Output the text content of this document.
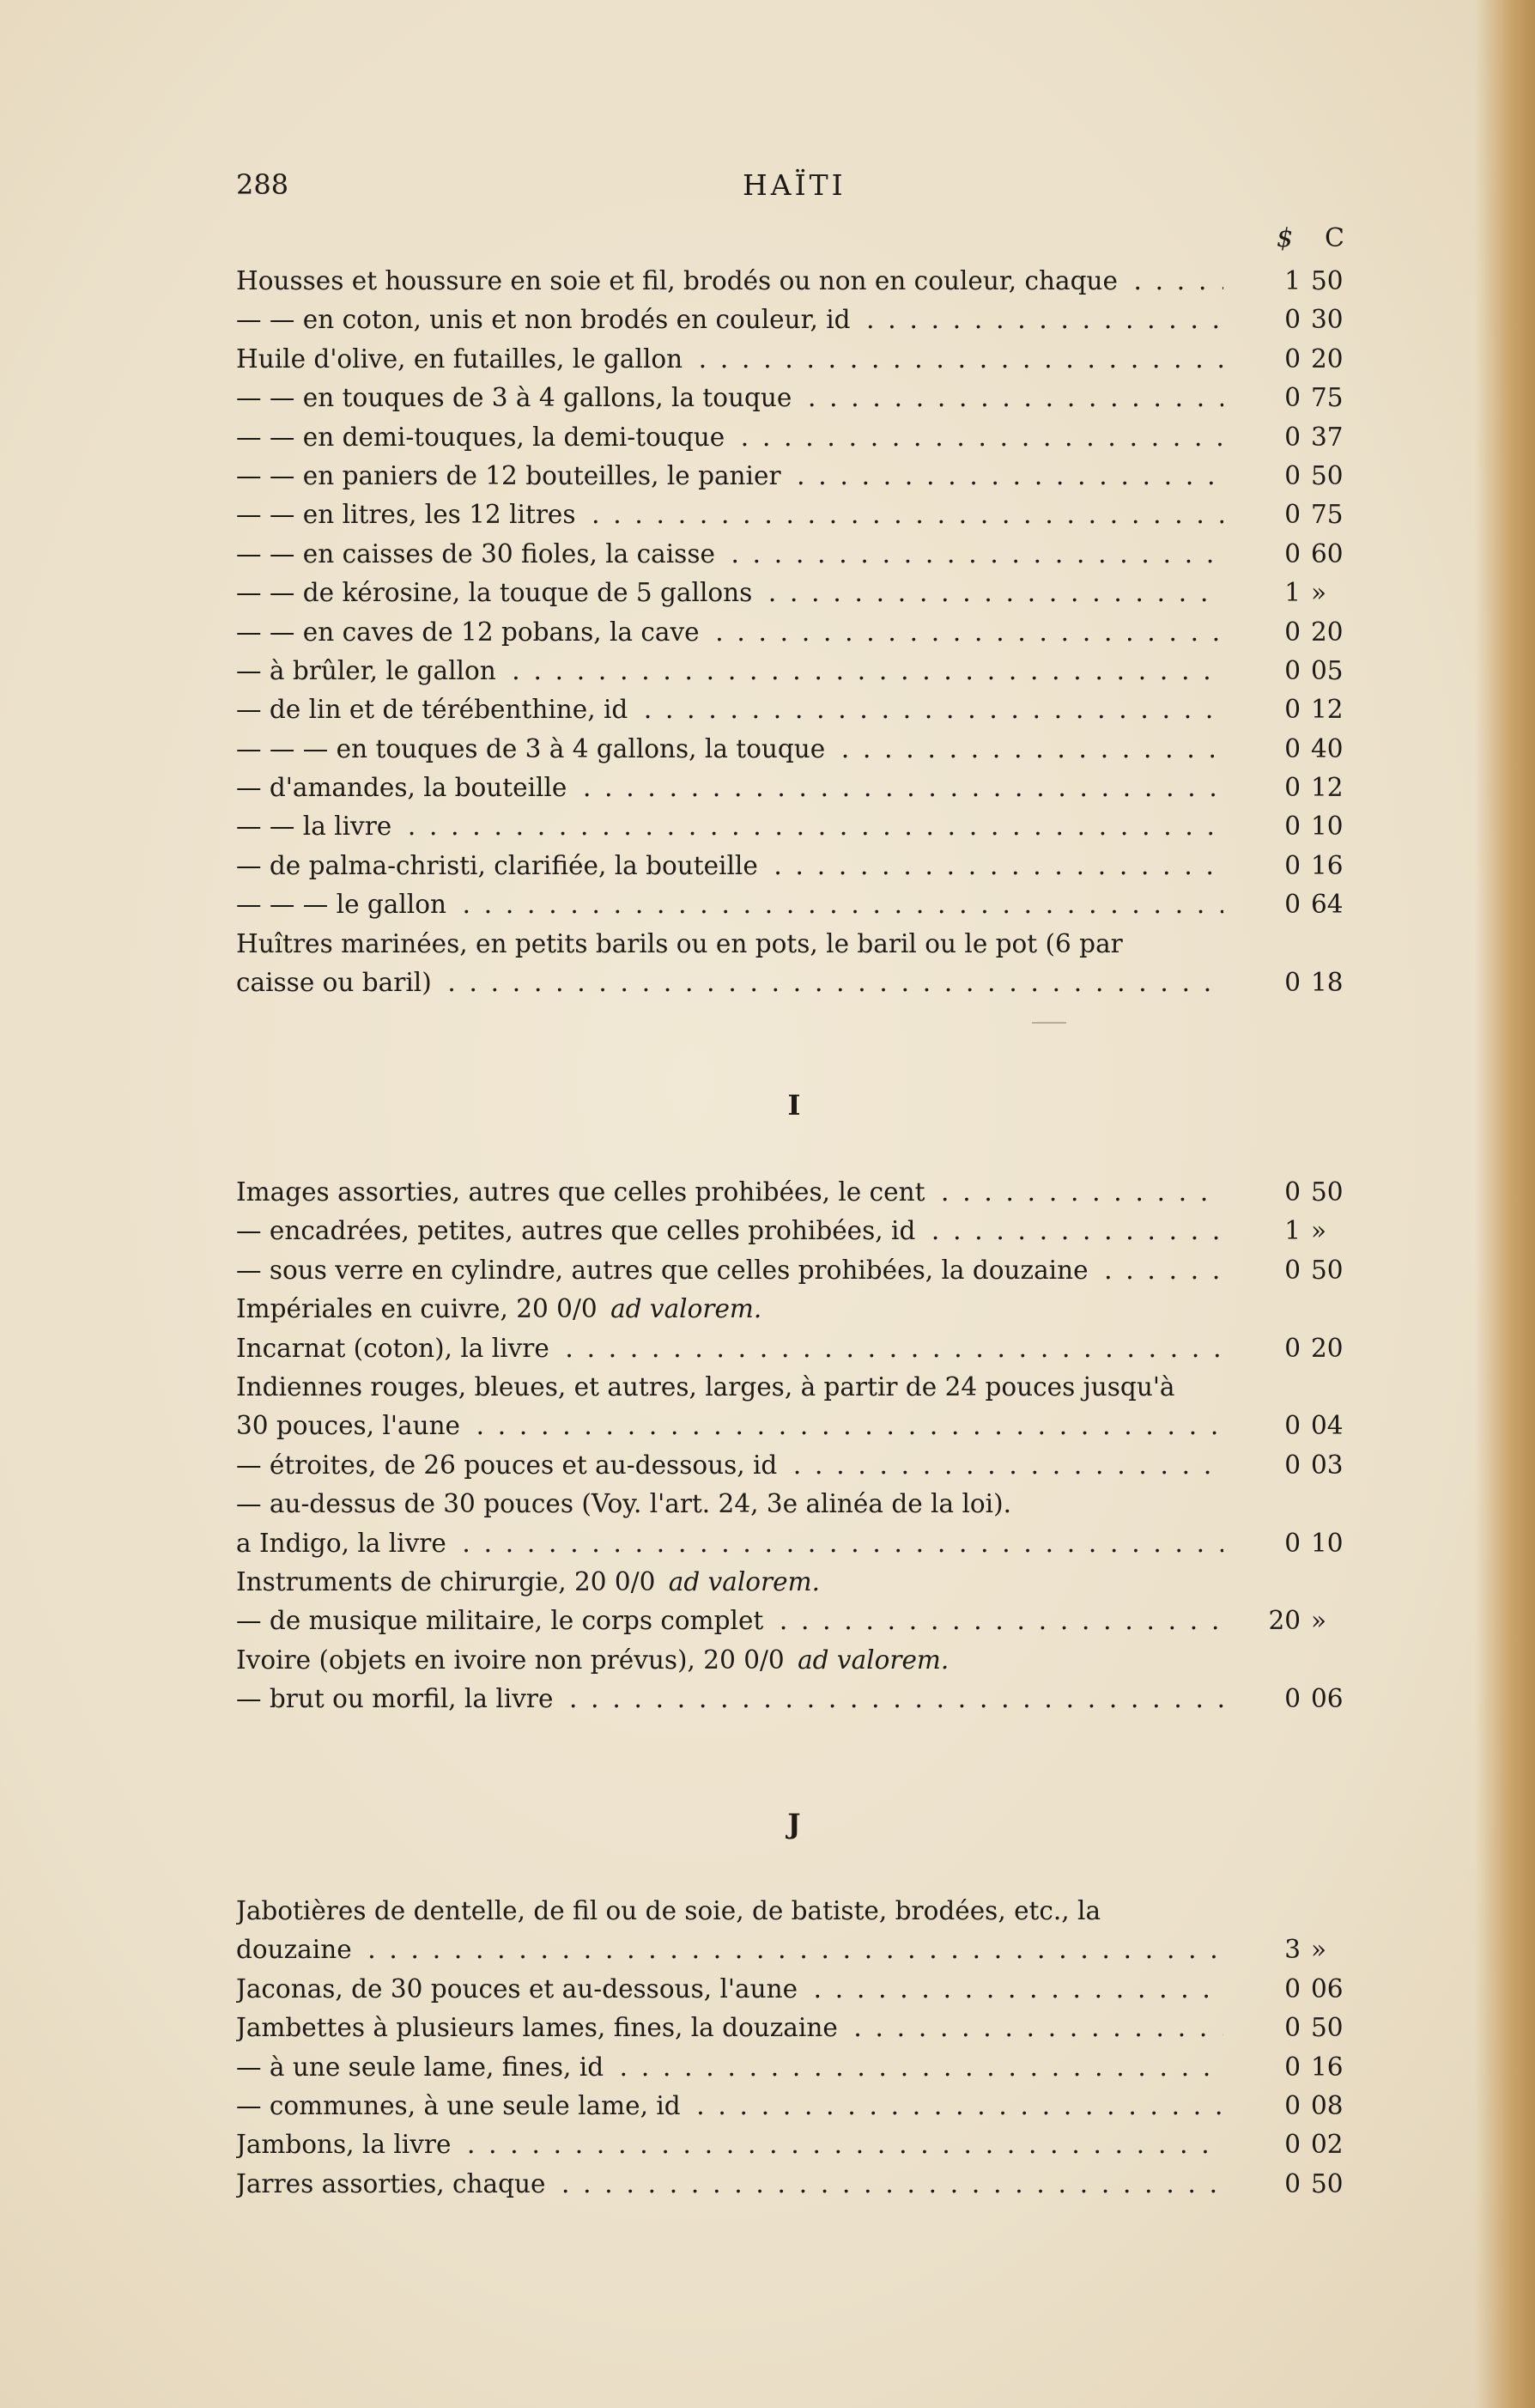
288	HAÏTI
$ C
Housses et houssure en soie et fil, brodés ou non en couleur, chaque . . .	1 50
— — en coton, unis et non brodés en couleur, id . . .	0 30
Huile d'olive, en futailles, le gallon . . .	0 20
— — en touques de 3 à 4 gallons, la touque . . .	0 75
— — en demi-touques, la demi-touque . . .	0 37
— — en paniers de 12 bouteilles, le panier . . .	0 50
— — en litres, les 12 litres . . .	0 75
— — en caisses de 30 fioles, la caisse . . .	0 60
— — de kérosine, la touque de 5 gallons . . .	1 »
— — en caves de 12 pobans, la cave . . .	0 20
— à brûler, le gallon . . .	0 05
— de lin et de térébenthine, id . . .	0 12
— — — en touques de 3 à 4 gallons, la touque . . .	0 40
— d'amandes, la bouteille . . .	0 12
— — la livre . . .	0 10
— de palma-christi, clarifiée, la bouteille . . .	0 16
— — — le gallon . . .	0 64
Huîtres marinées, en petits barils ou en pots, le baril ou le pot (6 par
caisse ou baril) . . .	0 18
I
Images assorties, autres que celles prohibées, le cent . . .	0 50
— encadrées, petites, autres que celles prohibées, id . . .	1 »
— sous verre en cylindre, autres que celles prohibées, la douzaine . . .	0 50
Impériales en cuivre, 20 0/0 ad valorem.
Incarnat (coton), la livre . . .	0 20
Indiennes rouges, bleues, et autres, larges, à partir de 24 pouces jusqu'à
30 pouces, l'aune . . .	0 04
— étroites, de 26 pouces et au-dessous, id . . .	0 03
— au-dessus de 30 pouces (Voy. l'art. 24, 3e alinéa de la loi).
a Indigo, la livre . . .	0 10
Instruments de chirurgie, 20 0/0 ad valorem.
— de musique militaire, le corps complet . . .	20 »
Ivoire (objets en ivoire non prévus), 20 0/0 ad valorem.
— brut ou morfil, la livre . . .	0 06
J
Jabotières de dentelle, de fil ou de soie, de batiste, brodées, etc., la
douzaine . . .	3 »
Jaconas, de 30 pouces et au-dessous, l'aune . . .	0 06
Jambettes à plusieurs lames, fines, la douzaine . . .	0 50
— à une seule lame, fines, id . . .	0 16
— communes, à une seule lame, id . . .	0 08
Jambons, la livre . . .	0 02
Jarres assorties, chaque . . .	0 50
